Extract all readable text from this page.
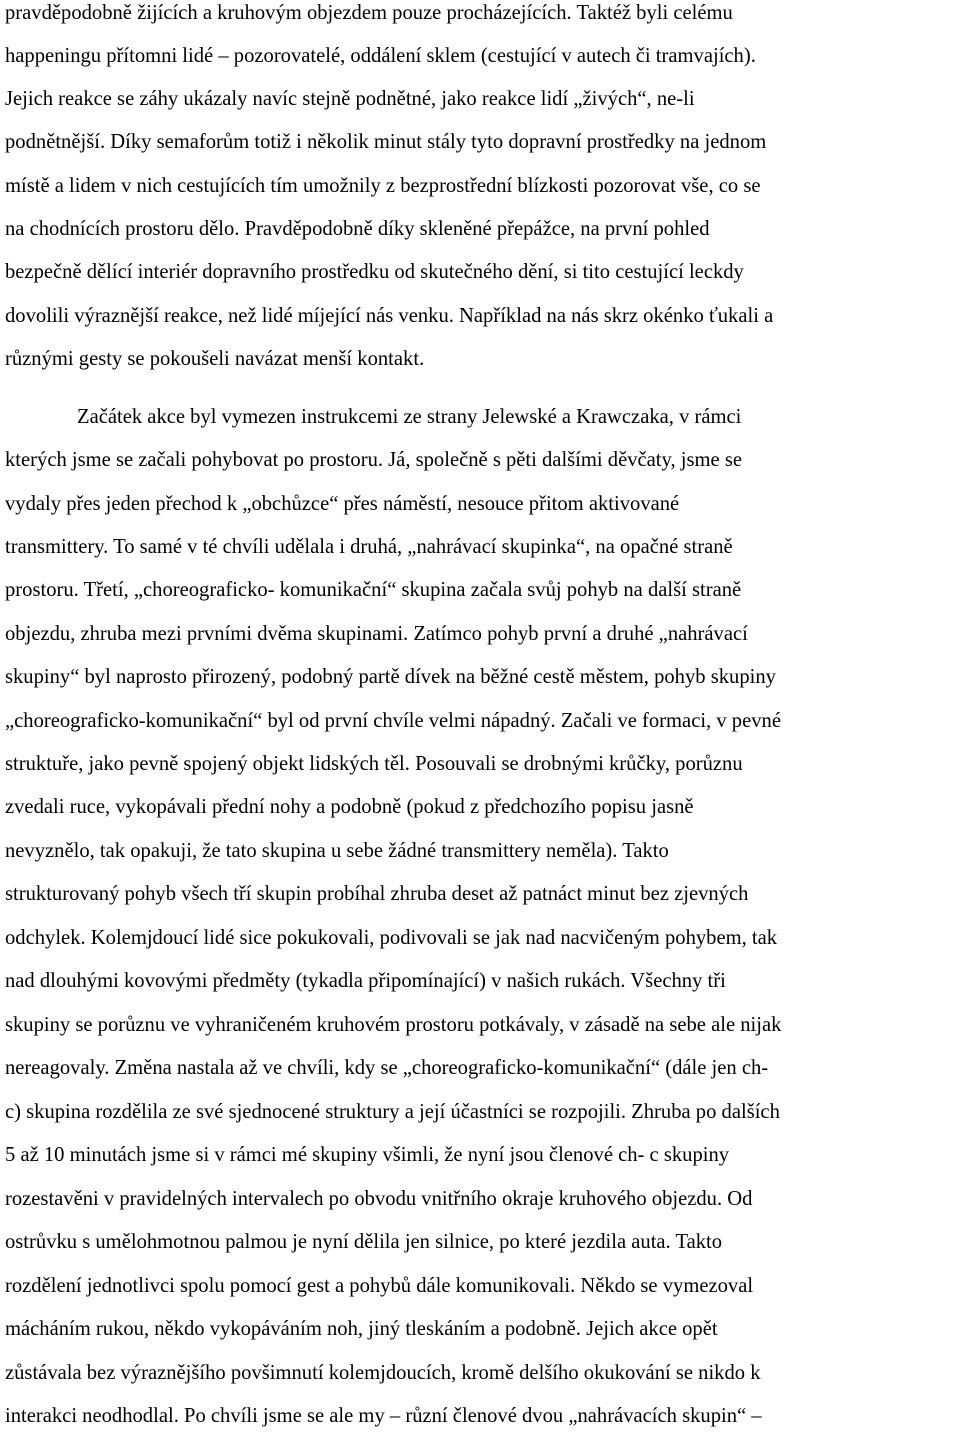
pravděpodobně žijících a kruhovým objezdem pouze procházejících. Taktéž byli celému
happeningu přítomni lidé – pozorovatelé, oddálení sklem (cestující v autech či tramvajích).
Jejich reakce se záhy ukázaly navíc stejně podnětné, jako reakce lidí „živých“, ne-li
podnětnější. Díky semaforům totiž i několik minut stály tyto dopravní prostředky na jednom
místě a lidem v nich cestujících tím umožnily z bezprostřední blízkosti pozorovat vše, co se
na chodnících prostoru dělo. Pravděpodobně díky skleněné přepážce, na první pohled
bezpečně dělící interiér dopravního prostředku od skutečného dění, si tito cestující leckdy
dovolili výraznější reakce, než lidé míjející nás venku. Například na nás skrz okénko ťukali a
různými gesty se pokoušeli navázat menší kontakt.
Začátek akce byl vymezen instrukcemi ze strany Jelewské a Krawczaka, v rámci
kterých jsme se začali pohybovat po prostoru. Já, společně s pěti dalšími děvčaty, jsme se
vydaly přes jeden přechod k „obchůzce“ přes náměstí, nesouce přitom aktivované
transmittery. To samé v té chvíli udělala i druhá, „nahrávací skupinka“, na opačné straně
prostoru. Třetí, „choreograficko- komunikační“ skupina začala svůj pohyb na další straně
objezdu, zhruba mezi prvními dvěma skupinami. Zatímco pohyb první a druhé „nahrávací
skupiny“ byl naprosto přirozený, podobný partě dívek na běžné cestě městem, pohyb skupiny
„choreograficko-komunikační“ byl od první chvíle velmi nápadný. Začali ve formaci, v pevné
struktuře, jako pevně spojený objekt lidských těl. Posouvali se drobnými krůčky, porůznu
zvedali ruce, vykopávali přední nohy a podobně (pokud z předchozího popisu jasně
nevyznělo, tak opakuji, že tato skupina u sebe žádné transmittery neměla). Takto
strukturovaný pohyb všech tří skupin probíhal zhruba deset až patnáct minut bez zjevných
odchylek. Kolemjdoucí lidé sice pokukovali, podivovali se jak nad nacvičeným pohybem, tak
nad dlouhými kovovými předměty (tykadla připomínající) v našich rukách. Všechny tři
skupiny se porůznu ve vyhraničeném kruhovém prostoru potkávaly, v zásadě na sebe ale nijak
nereagovaly. Změna nastala až ve chvíli, kdy se „choreograficko-komunikační“ (dále jen ch-
c) skupina rozdělila ze své sjednocené struktury a její účastníci se rozpojili. Zhruba po dalších
5 až 10 minutách jsme si v rámci mé skupiny všimli, že nyní jsou členové ch- c skupiny
rozestavěni v pravidelných intervalech po obvodu vnitřního okraje kruhového objezdu. Od
ostrůvku s umělohmotnou palmou je nyní dělila jen silnice, po které jezdila auta. Takto
rozdělení jednotlivci spolu pomocí gest a pohybů dále komunikovali. Někdo se vymezoval
mácháním rukou, někdo vykopáváním noh, jiný tleskáním a podobně. Jejich akce opět
zůstávala bez výraznějšího povšimnutí kolemjdoucích, kromě delšího okukování se nikdo k
interakci neodhodlal. Po chvíli jsme se ale my – různí členové dvou „nahrávacích skupin“ –
